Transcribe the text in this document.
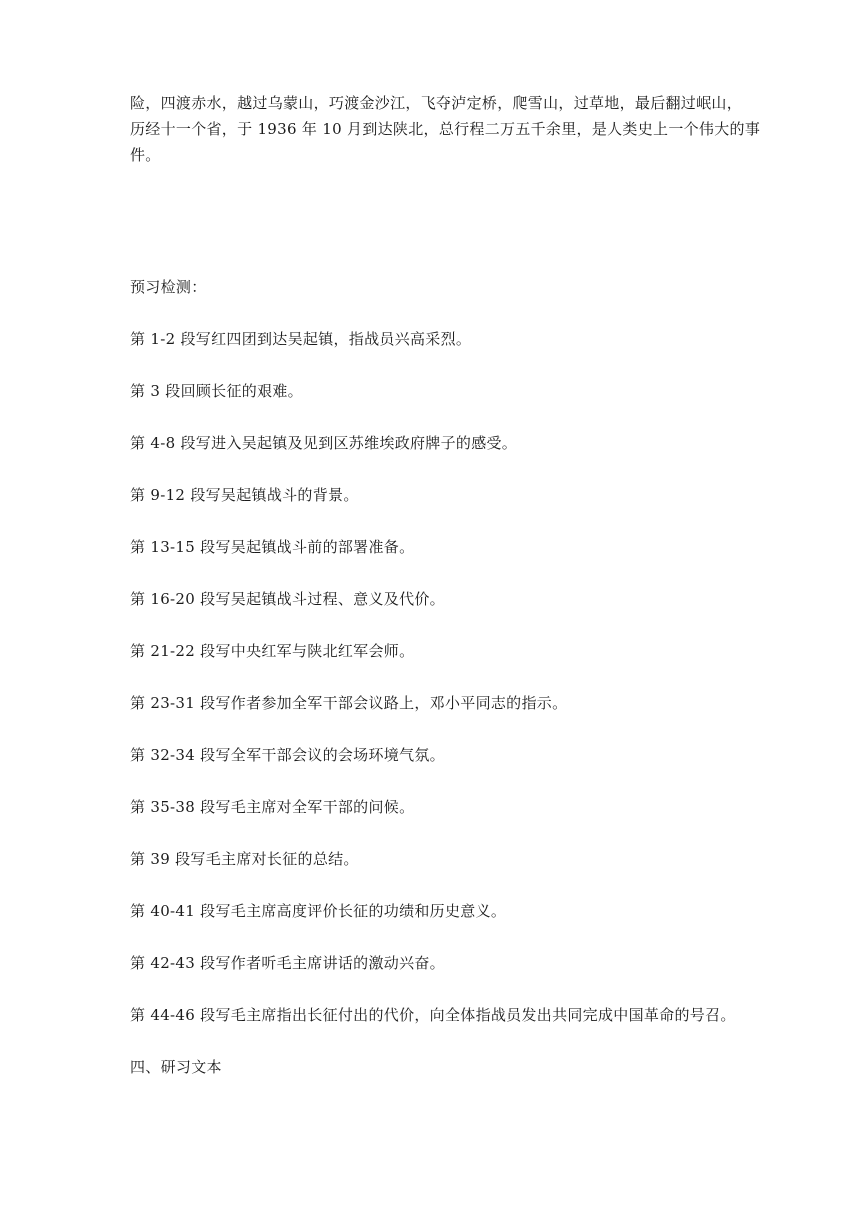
险，四渡赤水，越过乌蒙山，巧渡金沙江，飞夺泸定桥，爬雪山，过草地，最后翻过岷山，
历经十一个省，于 1936 年 10 月到达陕北，总行程二万五千余里，是人类史上一个伟大的事
件。

预习检测：

第 1-2 段写红四团到达吴起镇，指战员兴高采烈。
第 3 段回顾长征的艰难。
第 4-8 段写进入吴起镇及见到区苏维埃政府牌子的感受。
第 9-12 段写吴起镇战斗的背景。
第 13-15 段写吴起镇战斗前的部署准备。
第 16-20 段写吴起镇战斗过程、意义及代价。
第 21-22 段写中央红军与陕北红军会师。
第 23-31 段写作者参加全军干部会议路上，邓小平同志的指示。
第 32-34 段写全军干部会议的会场环境气氛。
第 35-38 段写毛主席对全军干部的问候。
第 39 段写毛主席对长征的总结。
第 40-41 段写毛主席高度评价长征的功绩和历史意义。
第 42-43 段写作者听毛主席讲话的激动兴奋。
第 44-46 段写毛主席指出长征付出的代价，向全体指战员发出共同完成中国革命的号召。
四、研习文本
